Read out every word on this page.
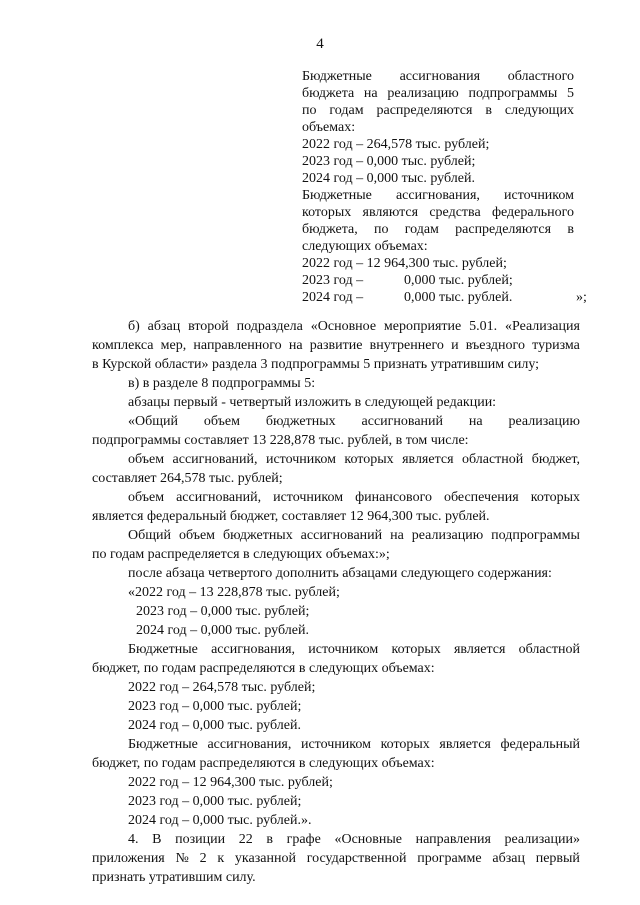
4
Бюджетные ассигнования областного
бюджета на реализацию подпрограммы 5
по годам распределяются в следующих
объемах:
2022 год – 264,578 тыс. рублей;
2023 год – 0,000 тыс. рублей;
2024 год – 0,000 тыс. рублей.
Бюджетные ассигнования, источником
которых являются средства федерального
бюджета, по годам распределяются в
следующих объемах:
2022 год – 12 964,300 тыс. рублей;
2023 год –	0,000 тыс. рублей;
2024 год –	0,000 тыс. рублей.	»;
б) абзац второй подраздела «Основное мероприятие 5.01. «Реализация
комплекса мер, направленного на развитие внутреннего и въездного туризма
в Курской области» раздела 3 подпрограммы 5 признать утратившим силу;
в) в разделе 8 подпрограммы 5:
абзацы первый - четвертый изложить в следующей редакции:
«Общий объем бюджетных ассигнований на реализацию
подпрограммы составляет 13 228,878 тыс. рублей, в том числе:
объем ассигнований, источником которых является областной бюджет,
составляет 264,578 тыс. рублей;
объем ассигнований, источником финансового обеспечения которых
является федеральный бюджет, составляет 12 964,300 тыс. рублей.
Общий объем бюджетных ассигнований на реализацию подпрограммы
по годам распределяется в следующих объемах:»;
после абзаца четвертого дополнить абзацами следующего содержания:
«2022 год – 13 228,878 тыс. рублей;
2023 год – 0,000 тыс. рублей;
2024 год – 0,000 тыс. рублей.
Бюджетные ассигнования, источником которых является областной
бюджет, по годам распределяются в следующих объемах:
2022 год – 264,578 тыс. рублей;
2023 год – 0,000 тыс. рублей;
2024 год – 0,000 тыс. рублей.
Бюджетные ассигнования, источником которых является федеральный
бюджет, по годам распределяются в следующих объемах:
2022 год – 12 964,300 тыс. рублей;
2023 год – 0,000 тыс. рублей;
2024 год – 0,000 тыс. рублей.».
4. В позиции 22 в графе «Основные направления реализации»
приложения № 2 к указанной государственной программе абзац первый
признать утратившим силу.
